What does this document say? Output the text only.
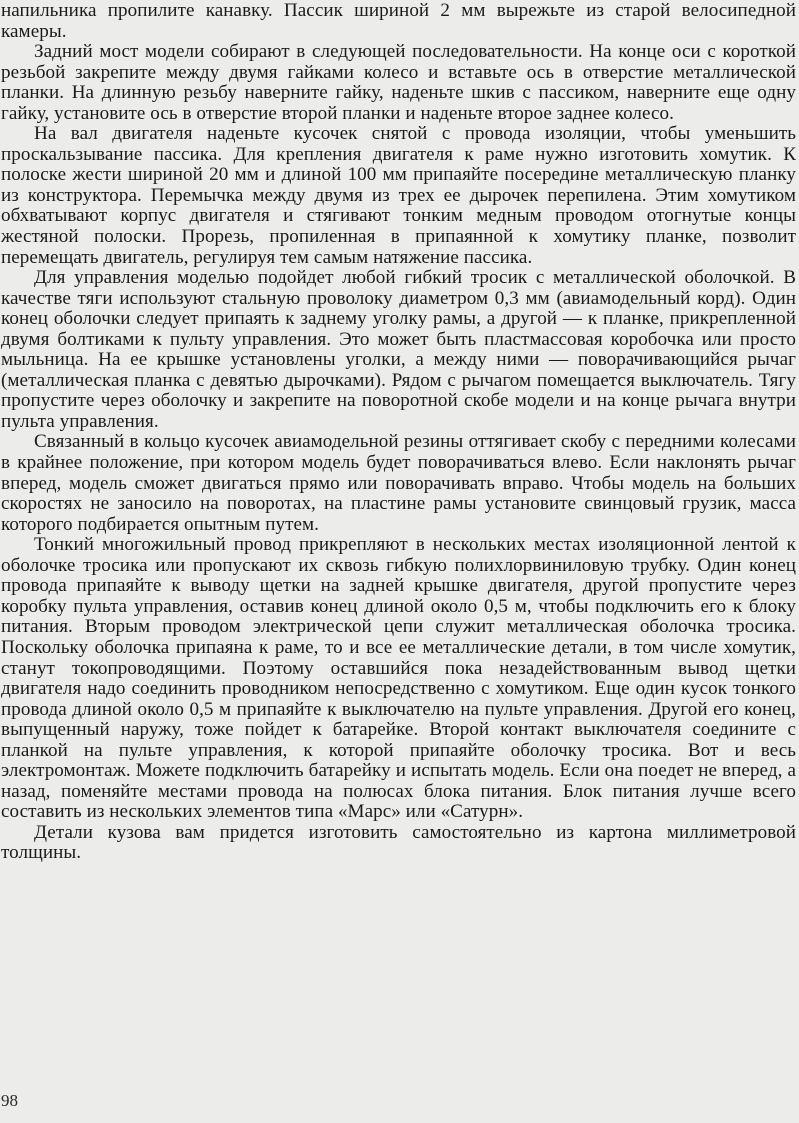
напильника пропилите канавку. Пассик шириной 2 мм вырежьте из старой велосипедной камеры.

Задний мост модели собирают в следующей последовательности. На конце оси с короткой резьбой закрепите между двумя гайками колесо и вставьте ось в отверстие металлической планки. На длинную резьбу наверните гайку, наденьте шкив с пассиком, наверните еще одну гайку, установите ось в отверстие второй планки и наденьте второе заднее колесо.

На вал двигателя наденьте кусочек снятой с провода изоляции, чтобы уменьшить проскальзывание пассика. Для крепления двигателя к раме нужно изготовить хомутик. К полоске жести шириной 20 мм и длиной 100 мм припаяйте посередине металлическую планку из конструктора. Перемычка между двумя из трех ее дырочек перепилена. Этим хомутиком обхватывают корпус двигателя и стягивают тонким медным проводом отогнутые концы жестяной полоски. Прорезь, пропиленная в припаянной к хомутику планке, позволит перемещать двигатель, регулируя тем самым натяжение пассика.

Для управления моделью подойдет любой гибкий тросик с металлической оболочкой. В качестве тяги используют стальную проволоку диаметром 0,3 мм (авиамодельный корд). Один конец оболочки следует припаять к заднему уголку рамы, а другой — к планке, прикрепленной двумя болтиками к пульту управления. Это может быть пластмассовая коробочка или просто мыльница. На ее крышке установлены уголки, а между ними — поворачивающийся рычаг (металлическая планка с девятью дырочками). Рядом с рычагом помещается выключатель. Тягу пропустите через оболочку и закрепите на поворотной скобе модели и на конце рычага внутри пульта управления.

Связанный в кольцо кусочек авиамодельной резины оттягивает скобу с передними колесами в крайнее положение, при котором модель будет поворачиваться влево. Если наклонять рычаг вперед, модель сможет двигаться прямо или поворачивать вправо. Чтобы модель на больших скоростях не заносило на поворотах, на пластине рамы установите свинцовый грузик, масса которого подбирается опытным путем.

Тонкий многожильный провод прикрепляют в нескольких местах изоляционной лентой к оболочке тросика или пропускают их сквозь гибкую полихлорвиниловую трубку. Один конец провода припаяйте к выводу щетки на задней крышке двигателя, другой пропустите через коробку пульта управления, оставив конец длиной около 0,5 м, чтобы подключить его к блоку питания. Вторым проводом электрической цепи служит металлическая оболочка тросика. Поскольку оболочка припаяна к раме, то и все ее металлические детали, в том числе хомутик, станут токопроводящими. Поэтому оставшийся пока незадействованным вывод щетки двигателя надо соединить проводником непосредственно с хомутиком. Еще один кусок тонкого провода длиной около 0,5 м припаяйте к выключателю на пульте управления. Другой его конец, выпущенный наружу, тоже пойдет к батарейке. Второй контакт выключателя соедините с планкой на пульте управления, к которой припаяйте оболочку тросика. Вот и весь электромонтаж. Можете подключить батарейку и испытать модель. Если она поедет не вперед, а назад, поменяйте местами провода на полюсах блока питания. Блок питания лучше всего составить из нескольких элементов типа «Марс» или «Сатурн».

Детали кузова вам придется изготовить самостоятельно из картона миллиметровой толщины.

98
